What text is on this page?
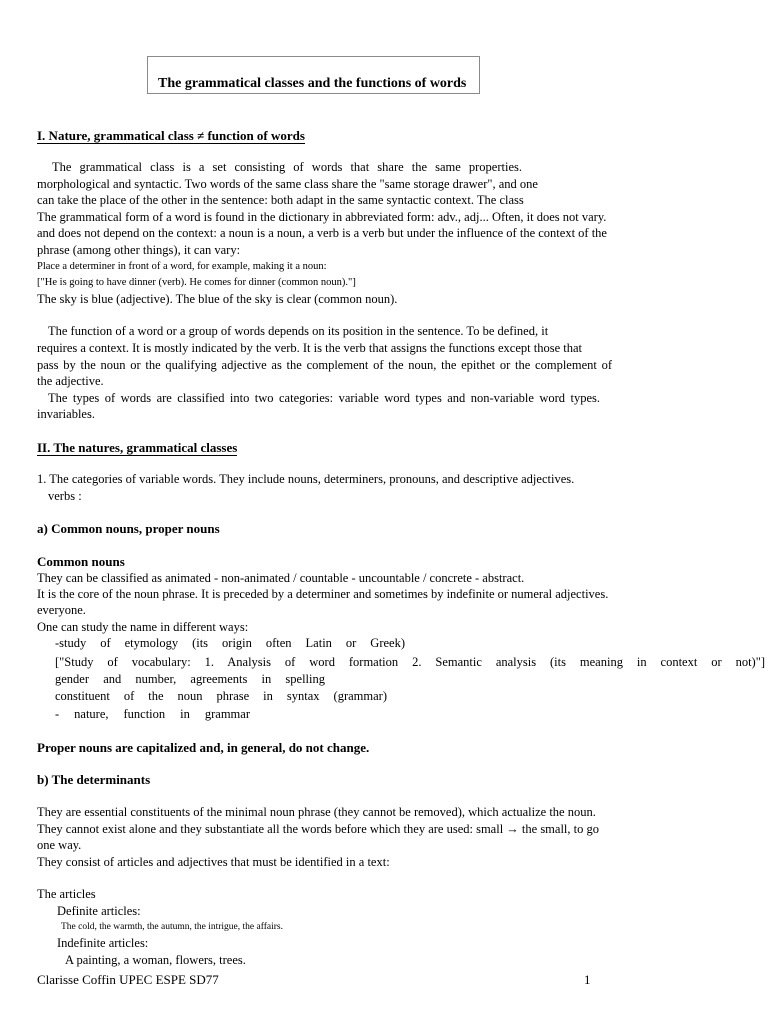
The grammatical classes and the functions of words
I. Nature, grammatical class ≠ function of words
The grammatical class is a set consisting of words that share the same properties.
morphological and syntactic. Two words of the same class share the "same storage drawer", and one
can take the place of the other in the sentence: both adapt in the same syntactic context. The class
The grammatical form of a word is found in the dictionary in abbreviated form: adv., adj... Often, it does not vary.
and does not depend on the context: a noun is a noun, a verb is a verb but under the influence of the context of the
phrase (among other things), it can vary:
Place a determiner in front of a word, for example, making it a noun:
["He is going to have dinner (verb). He comes for dinner (common noun)."]
The sky is blue (adjective). The blue of the sky is clear (common noun).
The function of a word or a group of words depends on its position in the sentence. To be defined, it
requires a context. It is mostly indicated by the verb. It is the verb that assigns the functions except those that
pass by the noun or the qualifying adjective as the complement of the noun, the epithet or the complement of
the adjective.
The types of words are classified into two categories: variable word types and non-variable word types.
invariables.
II. The natures, grammatical classes
1. The categories of variable words. They include nouns, determiners, pronouns, and descriptive adjectives.
verbs :
a) Common nouns, proper nouns
Common nouns
They can be classified as animated - non-animated / countable - uncountable / concrete - abstract.
It is the core of the noun phrase. It is preceded by a determiner and sometimes by indefinite or numeral adjectives.
everyone.
One can study the name in different ways:
-study of etymology (its origin often Latin or Greek)
["Study of vocabulary: 1. Analysis of word formation 2. Semantic analysis (its meaning in context or not)"]
gender and number, agreements in spelling
constituent of the noun phrase in syntax (grammar)
- nature, function in grammar
Proper nouns are capitalized and, in general, do not change.
b) The determinants
They are essential constituents of the minimal noun phrase (they cannot be removed), which actualize the noun.
They cannot exist alone and they substantiate all the words before which they are used: small → the small, to go
one way.
They consist of articles and adjectives that must be identified in a text:
The articles
Definite articles:
The cold, the warmth, the autumn, the intrigue, the affairs.
Indefinite articles:
A painting, a woman, flowers, trees.
Clarisse Coffin UPEC ESPE SD77	1
